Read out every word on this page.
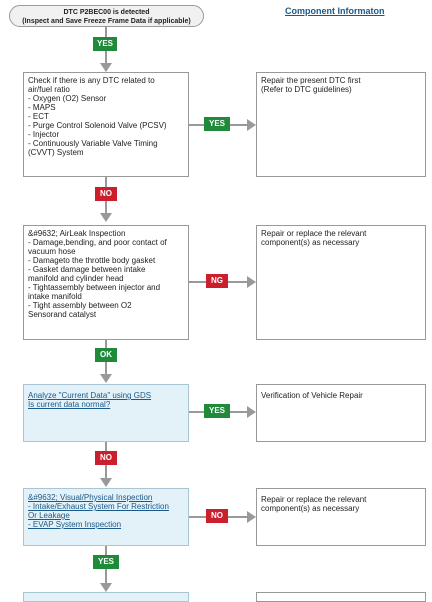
DTC P2BEC00 is detected
(Inspect and Save Freeze Frame Data if applicable)
Component Informaton
YES
Check if there is any DTC related to
air/fuel ratio
- Oxygen (O2) Sensor
- MAPS
- ECT
- Purge Control Solenoid Valve (PCSV)
- Injector
- Continuously Variable Valve Timing
(CVVT) System
Repair the present DTC first
(Refer to DTC guidelines)
YES
NO
&#9632; AirLeak Inspection
- Damage,bending, and poor contact of
vacuum hose
- Damageto the throttle body gasket
- Gasket damage between intake
manifold and cylinder head
- Tightassembly between injector and
intake manifold
- Tight assembly between O2
Sensorand catalyst
Repair or replace the relevant
component(s) as necessary
NG
OK
Analyze "Current Data" using GDS
Is current data normal?
Verification of Vehicle Repair
YES
NO
&#9632; Visual/Physical Inspection
- Intake/Exhaust System For Restriction
Or Leakage
- EVAP System Inspection
Repair or replace the relevant
component(s) as necessary
NO
YES
